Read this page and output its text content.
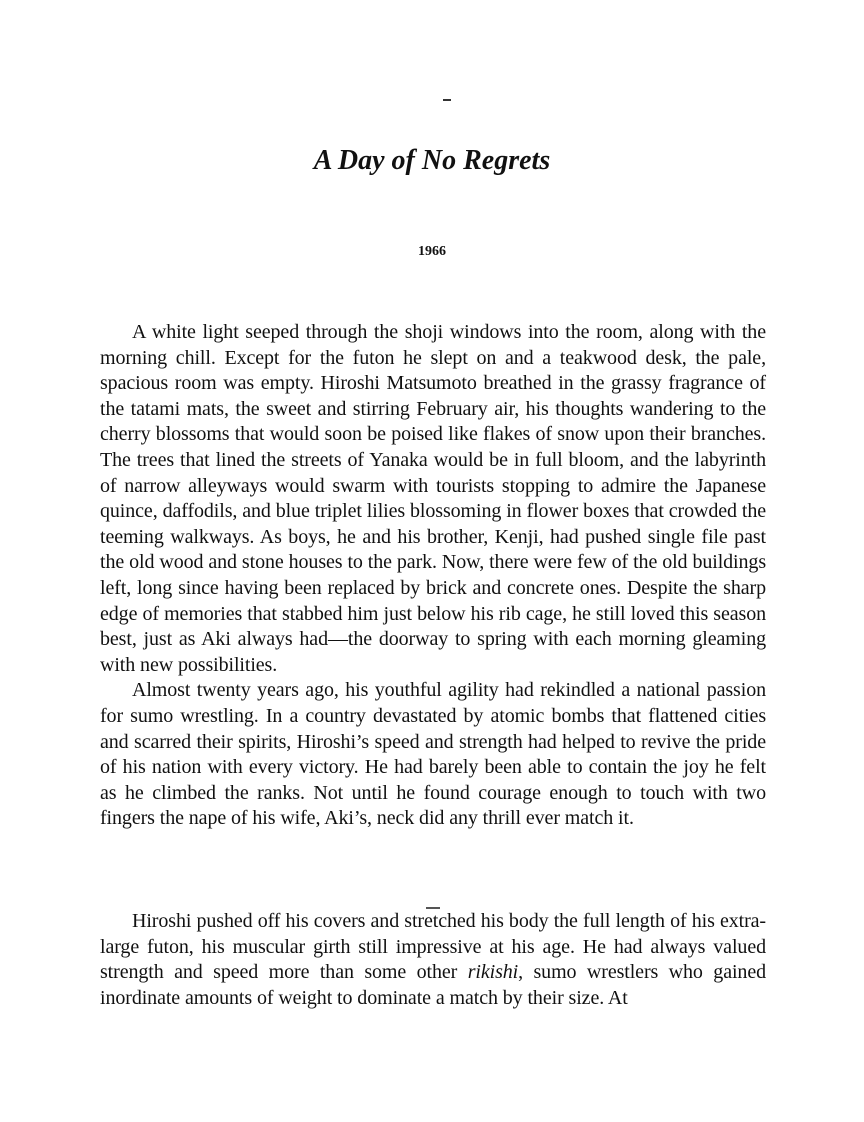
A Day of No Regrets
1966

A white light seeped through the shoji windows into the room, along with the morning chill. Except for the futon he slept on and a teakwood desk, the pale, spacious room was empty. Hiroshi Matsumoto breathed in the grassy fragrance of the tatami mats, the sweet and stirring February air, his thoughts wandering to the cherry blossoms that would soon be poised like flakes of snow upon their branches. The trees that lined the streets of Yanaka would be in full bloom, and the labyrinth of narrow alleyways would swarm with tourists stopping to admire the Japanese quince, daffodils, and blue triplet lilies blossoming in flower boxes that crowded the teeming walkways. As boys, he and his brother, Kenji, had pushed single file past the old wood and stone houses to the park. Now, there were few of the old buildings left, long since having been replaced by brick and concrete ones. Despite the sharp edge of memories that stabbed him just below his rib cage, he still loved this season best, just as Aki always had—the doorway to spring with each morning gleaming with new possibilities.

Almost twenty years ago, his youthful agility had rekindled a national passion for sumo wrestling. In a country devastated by atomic bombs that flattened cities and scarred their spirits, Hiroshi’s speed and strength had helped to revive the pride of his nation with every victory. He had barely been able to contain the joy he felt as he climbed the ranks. Not until he found courage enough to touch with two fingers the nape of his wife, Aki’s, neck did any thrill ever match it.

Hiroshi pushed off his covers and stretched his body the full length of his extra-large futon, his muscular girth still impressive at his age. He had always valued strength and speed more than some other rikishi, sumo wrestlers who gained inordinate amounts of weight to dominate a match by their size. At
